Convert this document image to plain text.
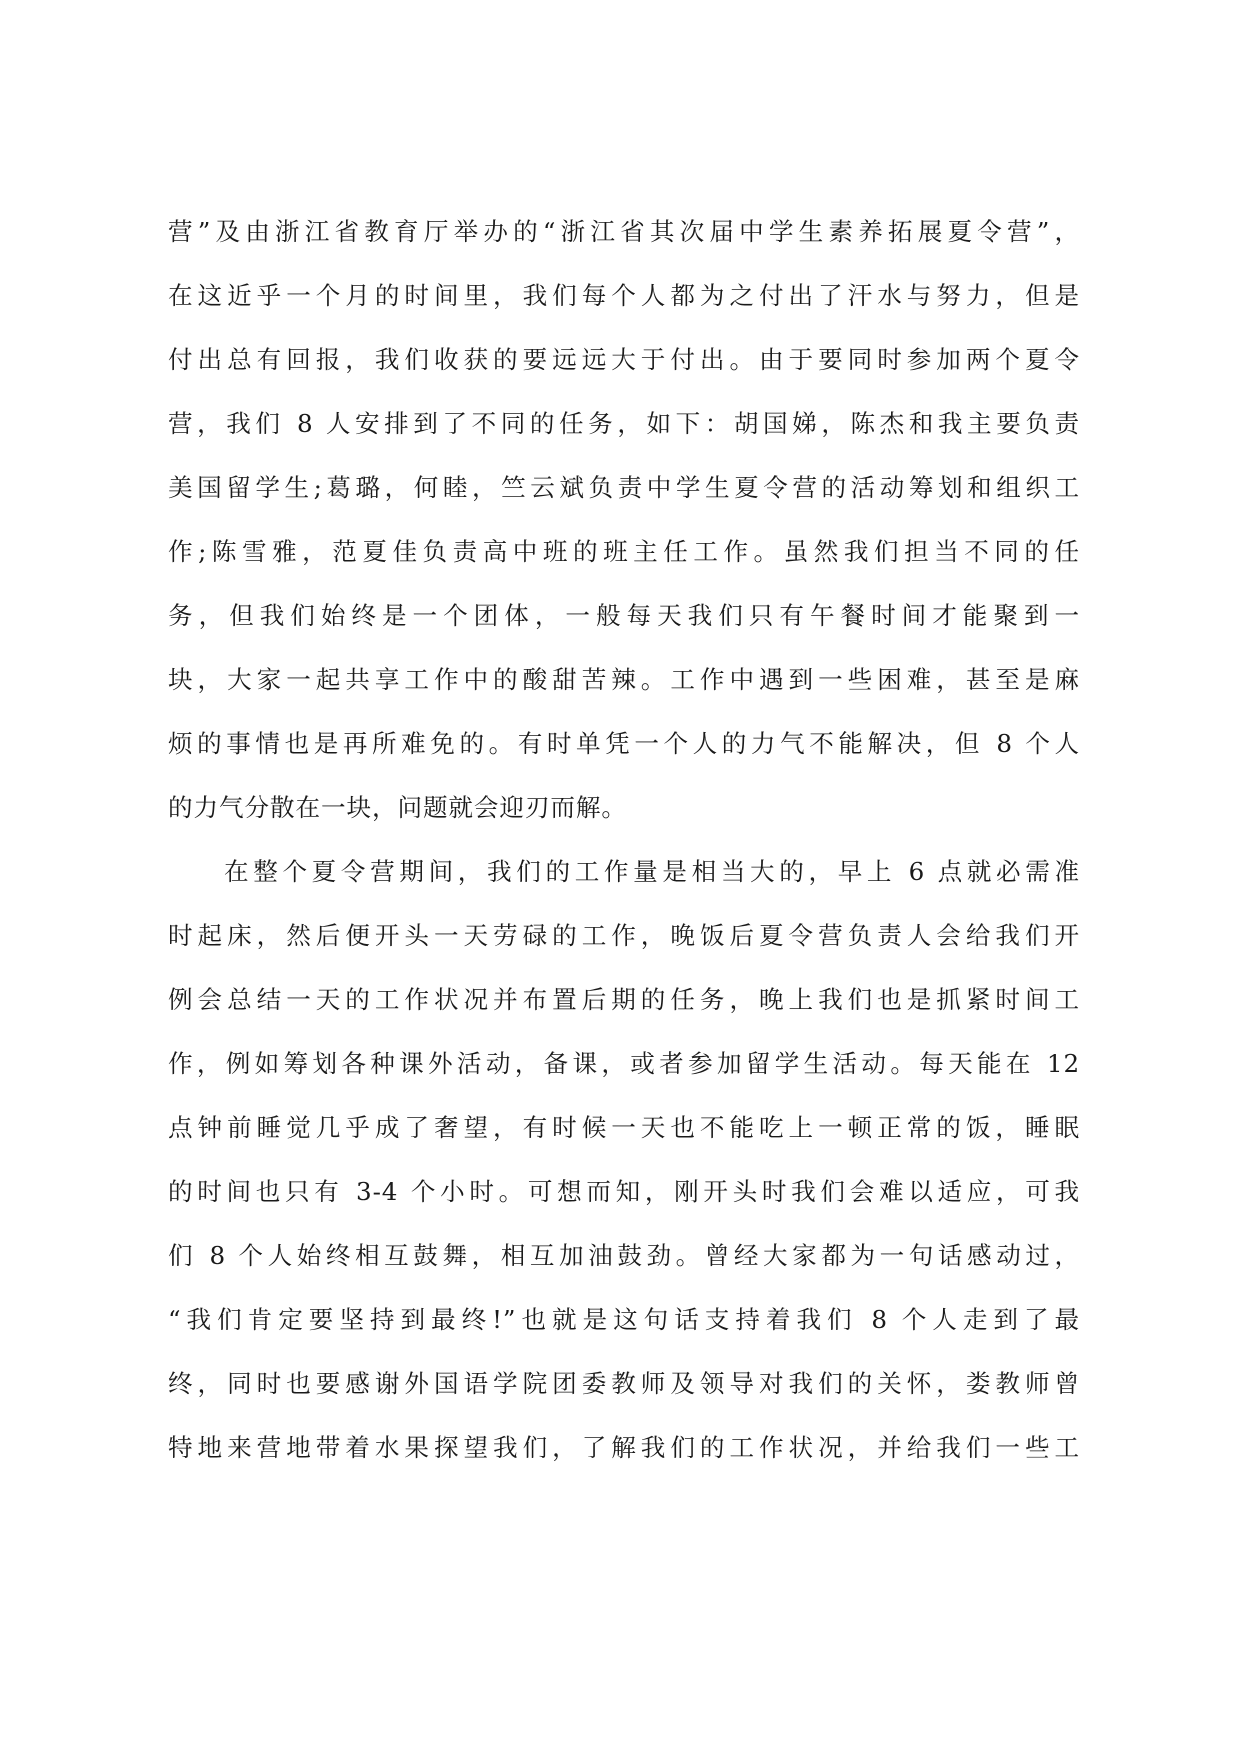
营”及由浙江省教育厅举办的“浙江省其次届中学生素养拓展夏令营”，
在这近乎一个月的时间里，我们每个人都为之付出了汗水与努力，但是
付出总有回报，我们收获的要远远大于付出。由于要同时参加两个夏令
营，我们 8 人安排到了不同的任务，如下：胡国娣，陈杰和我主要负责
美国留学生;葛璐，何睦，竺云斌负责中学生夏令营的活动筹划和组织工
作;陈雪雅，范夏佳负责高中班的班主任工作。虽然我们担当不同的任
务，但我们始终是一个团体，一般每天我们只有午餐时间才能聚到一
块，大家一起共享工作中的酸甜苦辣。工作中遇到一些困难，甚至是麻
烦的事情也是再所难免的。有时单凭一个人的力气不能解决，但 8 个人
的力气分散在一块，问题就会迎刃而解。
在整个夏令营期间，我们的工作量是相当大的，早上 6 点就必需准
时起床，然后便开头一天劳碌的工作，晚饭后夏令营负责人会给我们开
例会总结一天的工作状况并布置后期的任务，晚上我们也是抓紧时间工
作，例如筹划各种课外活动，备课，或者参加留学生活动。每天能在 12
点钟前睡觉几乎成了奢望，有时候一天也不能吃上一顿正常的饭，睡眠
的时间也只有 3-4 个小时。可想而知，刚开头时我们会难以适应，可我
们 8 个人始终相互鼓舞，相互加油鼓劲。曾经大家都为一句话感动过，
“我们肯定要坚持到最终!”也就是这句话支持着我们 8 个人走到了最
终，同时也要感谢外国语学院团委教师及领导对我们的关怀，娄教师曾
特地来营地带着水果探望我们，了解我们的工作状况，并给我们一些工
